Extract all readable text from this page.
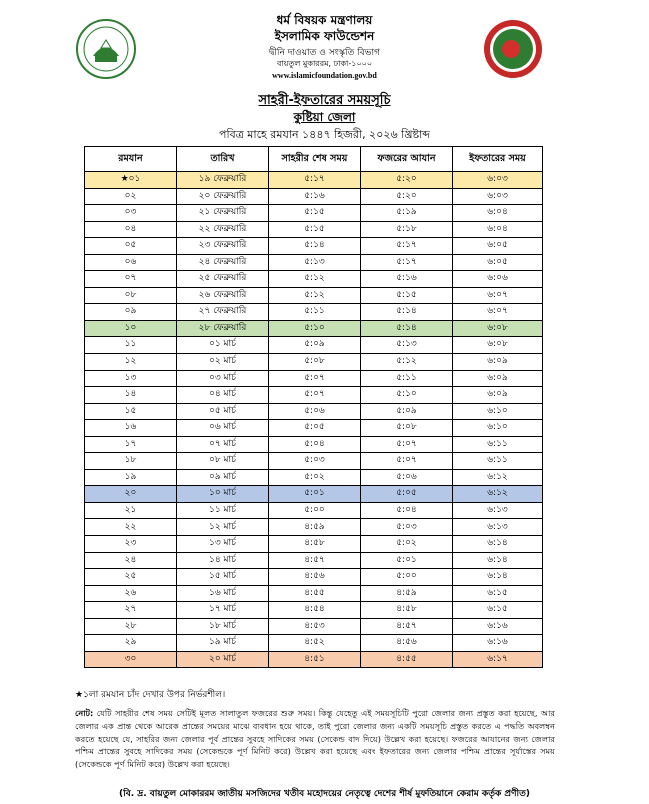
ধর্ম বিষয়ক মন্ত্রণালয়
ইসলামিক ফাউন্ডেশন
দ্বীনি দাওয়াত ও সংস্কৃতি বিভাগ
বায়তুল মুকাররম, ঢাকা-১০০০
www.islamicfoundation.gov.bd
সাহরী-ইফতারের সময়সূচি
কুষ্টিয়া জেলা
পবিত্র মাহে রমযান ১৪৪৭ হিজরী, ২০২৬ খ্রিষ্টাব্দ
রমযান	তারিখ	সাহরীর শেষ সময়	ফজরের আযান	ইফতারের সময়
★০১	১৯ ফেব্রুয়ারি	৫:১৭	৫:২০	৬:০৩
০২	২০ ফেব্রুয়ারি	৫:১৬	৫:২০	৬:০৩
০৩	২১ ফেব্রুয়ারি	৫:১৫	৫:১৯	৬:০৪
০৪	২২ ফেব্রুয়ারি	৫:১৫	৫:১৮	৬:০৪
০৫	২৩ ফেব্রুয়ারি	৫:১৪	৫:১৭	৬:০৫
০৬	২৪ ফেব্রুয়ারি	৫:১৩	৫:১৭	৬:০৫
০৭	২৫ ফেব্রুয়ারি	৫:১২	৫:১৬	৬:০৬
০৮	২৬ ফেব্রুয়ারি	৫:১২	৫:১৫	৬:০৭
০৯	২৭ ফেব্রুয়ারি	৫:১১	৫:১৪	৬:০৭
১০	২৮ ফেব্রুয়ারি	৫:১০	৫:১৪	৬:০৮
১১	০১ মার্চ	৫:০৯	৫:১৩	৬:০৮
১২	০২ মার্চ	৫:০৮	৫:১২	৬:০৯
১৩	০৩ মার্চ	৫:০৭	৫:১১	৬:০৯
১৪	০৪ মার্চ	৫:০৭	৫:১০	৬:০৯
১৫	০৫ মার্চ	৫:০৬	৫:০৯	৬:১০
১৬	০৬ মার্চ	৫:০৫	৫:০৮	৬:১০
১৭	০৭ মার্চ	৫:০৪	৫:০৭	৬:১১
১৮	০৮ মার্চ	৫:০৩	৫:০৭	৬:১১
১৯	০৯ মার্চ	৫:০২	৫:০৬	৬:১২
২০	১০ মার্চ	৫:০১	৫:০৫	৬:১২
২১	১১ মার্চ	৫:০০	৫:০৪	৬:১৩
২২	১২ মার্চ	৪:৫৯	৫:০৩	৬:১৩
২৩	১৩ মার্চ	৪:৫৮	৫:০২	৬:১৪
২৪	১৪ মার্চ	৪:৫৭	৫:০১	৬:১৪
২৫	১৫ মার্চ	৪:৫৬	৫:০০	৬:১৪
২৬	১৬ মার্চ	৪:৫৫	৪:৫৯	৬:১৫
২৭	১৭ মার্চ	৪:৫৪	৪:৫৮	৬:১৫
২৮	১৮ মার্চ	৪:৫৩	৪:৫৭	৬:১৬
২৯	১৯ মার্চ	৪:৫২	৪:৫৬	৬:১৬
৩০	২০ মার্চ	৪:৫১	৪:৫৫	৬:১৭
★১লা রমযান চাঁদ দেখার উপর নির্ভরশীল।
নোট: যেটি সাহরীর শেষ সময় সেটিই মূলত সালাতুল ফজরের শুরু সময়। কিন্তু যেহেতু এই সময়সূচিটি পুরো জেলার জন্য প্রস্তুত করা হয়েছে, আর জেলার এক প্রান্ত থেকে আরেক প্রান্তের সময়ের মাঝে ব্যবধান হয়ে থাকে, তাই পুরো জেলার জন্য একটি সময়সূচি প্রস্তুত করতে এ পদ্ধতি অবলম্বন করতে হয়েছে যে, সাহরির জন্য জেলার পূর্ব প্রান্তের সুবহে সাদিকের সময় (সেকেন্ড বাদ দিয়ে) উল্লেখ করা হয়েছে। ফজরের আযানের জন্য জেলার পশ্চিম প্রান্তের সুবহে সাদিকের সময় (সেকেন্ডকে পূর্ণ মিনিট করে) উল্লেখ করা হয়েছে এবং ইফতারের জন্য জেলার পশ্চিম প্রান্তের সূর্যাস্তের সময় (সেকেন্ডকে পূর্ণ মিনিট করে) উল্লেখ করা হয়েছে।
(বি. দ্র. বায়তুল মোকাররম জাতীয় মসজিদের খতীব মহোদয়ের নেতৃত্বে দেশের শীর্ষ মুফতিয়ানে কেরাম কর্তৃক প্রণীত)
